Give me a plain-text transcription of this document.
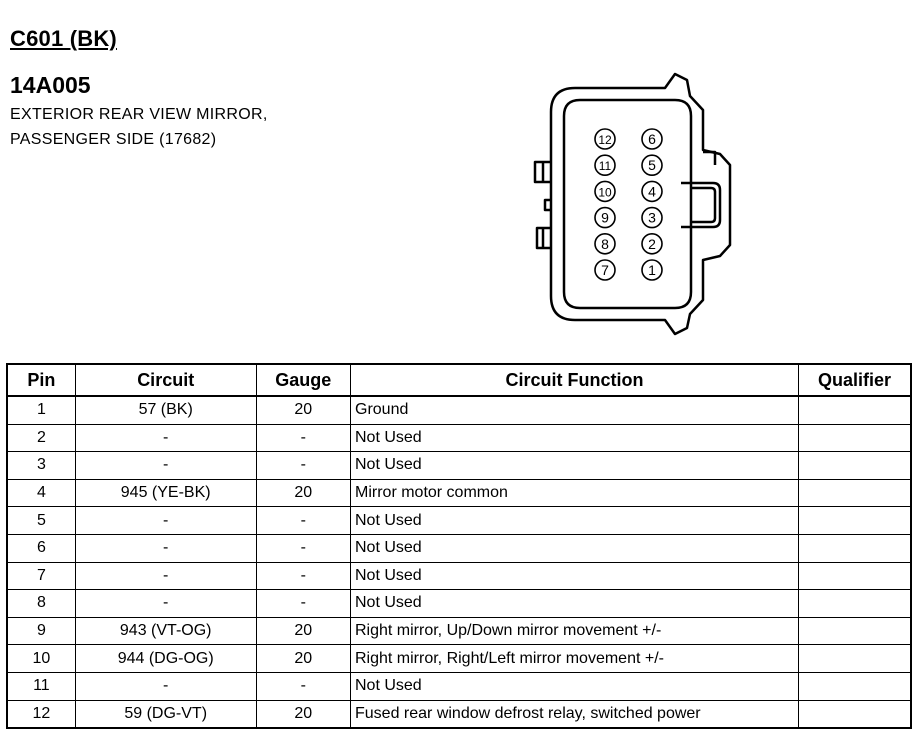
C601 (BK)
14A005
EXTERIOR REAR VIEW MIRROR,
PASSENGER SIDE (17682)	12
11
10
9
8
7
6
5
4
3
2
1
Pin	Circuit	Gauge	Circuit Function	Qualifier
1	57 (BK)	20	Ground	
2	-	-	Not Used	
3	-	-	Not Used	
4	945 (YE-BK)	20	Mirror motor common	
5	-	-	Not Used	
6	-	-	Not Used	
7	-	-	Not Used	
8	-	-	Not Used	
9	943 (VT-OG)	20	Right mirror, Up/Down mirror movement +/-	
10	944 (DG-OG)	20	Right mirror, Right/Left mirror movement +/-	
11	-	-	Not Used	
12	59 (DG-VT)	20	Fused rear window defrost relay, switched power	
